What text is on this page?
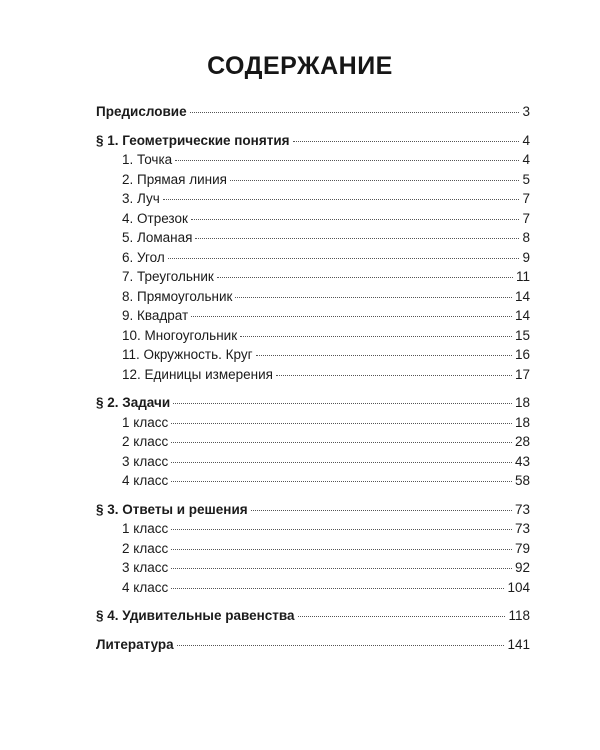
СОДЕРЖАНИЕ
Предисловие	3
§ 1. Геометрические понятия	4
1. Точка	4
2. Прямая линия	5
3. Луч	7
4. Отрезок	7
5. Ломаная	8
6. Угол	9
7. Треугольник	11
8. Прямоугольник	14
9. Квадрат	14
10. Многоугольник	15
11. Окружность. Круг	16
12. Единицы измерения	17
§ 2. Задачи	18
1 класс	18
2 класс	28
3 класс	43
4 класс	58
§ 3. Ответы и решения	73
1 класс	73
2 класс	79
3 класс	92
4 класс	104
§ 4. Удивительные равенства	118
Литература	141
